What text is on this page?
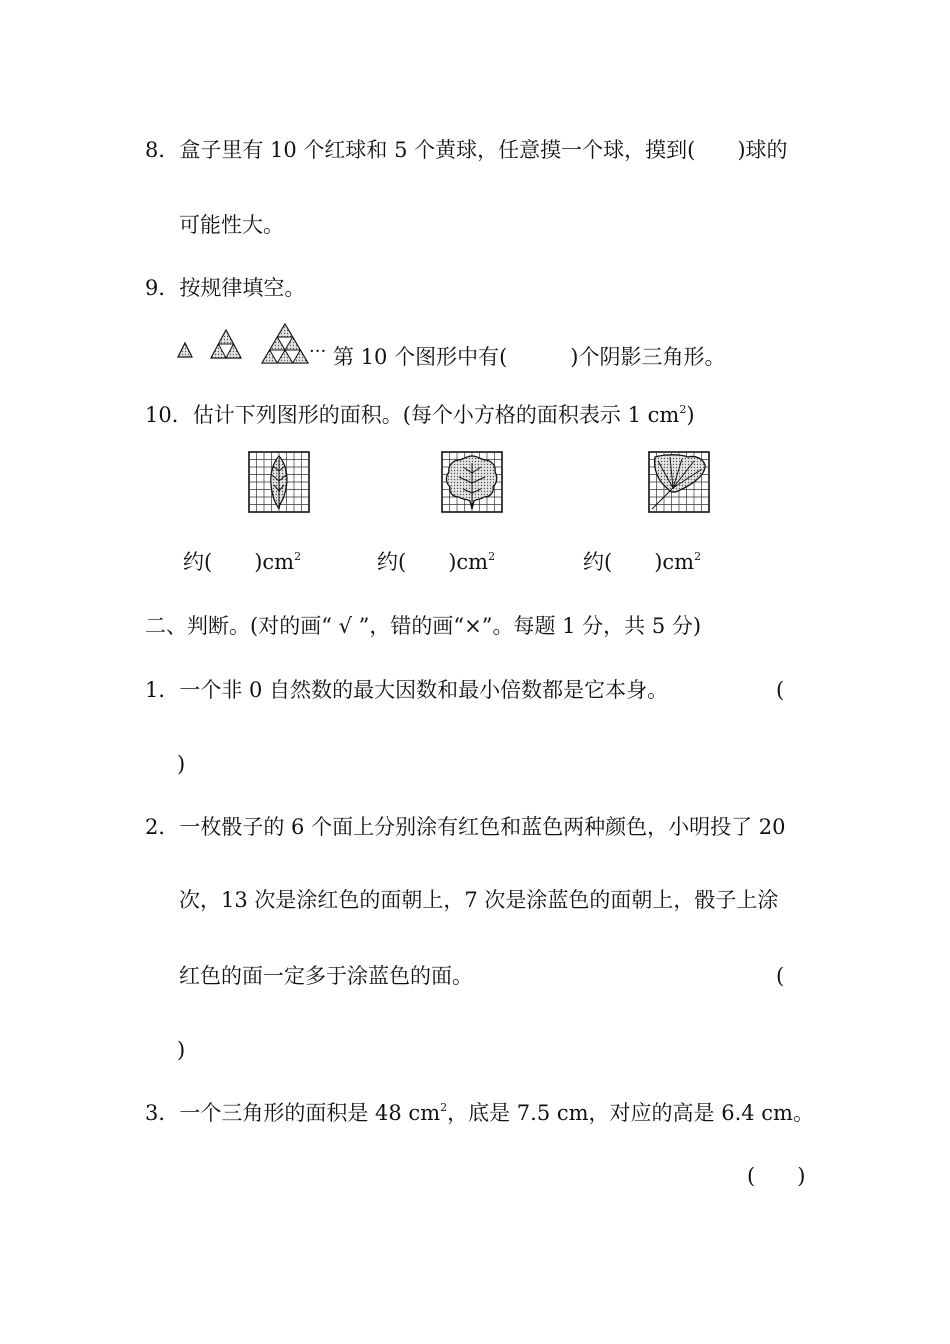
8．盒子里有 10 个红球和 5 个黄球，任意摸一个球，摸到(　　)球的
可能性大。
9．按规律填空。
··· 第 10 个图形中有(　　　)个阴影三角形。
10．估计下列图形的面积。(每个小方格的面积表示 1 $cm^2$)
约(　　)$cm^2$	约(　　)$cm^2$	约(　　)$cm^2$
二、判断。(对的画“ √ ”，错的画“×”。每题 1 分，共 5 分)
1．一个非 0 自然数的最大因数和最小倍数都是它本身。	(
)
2．一枚骰子的 6 个面上分别涂有红色和蓝色两种颜色，小明投了 20
次，13 次是涂红色的面朝上，7 次是涂蓝色的面朝上，骰子上涂
红色的面一定多于涂蓝色的面。	(
)
3．一个三角形的面积是 48 $cm^2$，底是 7.5 cm，对应的高是 6.4 cm。
(　　)
